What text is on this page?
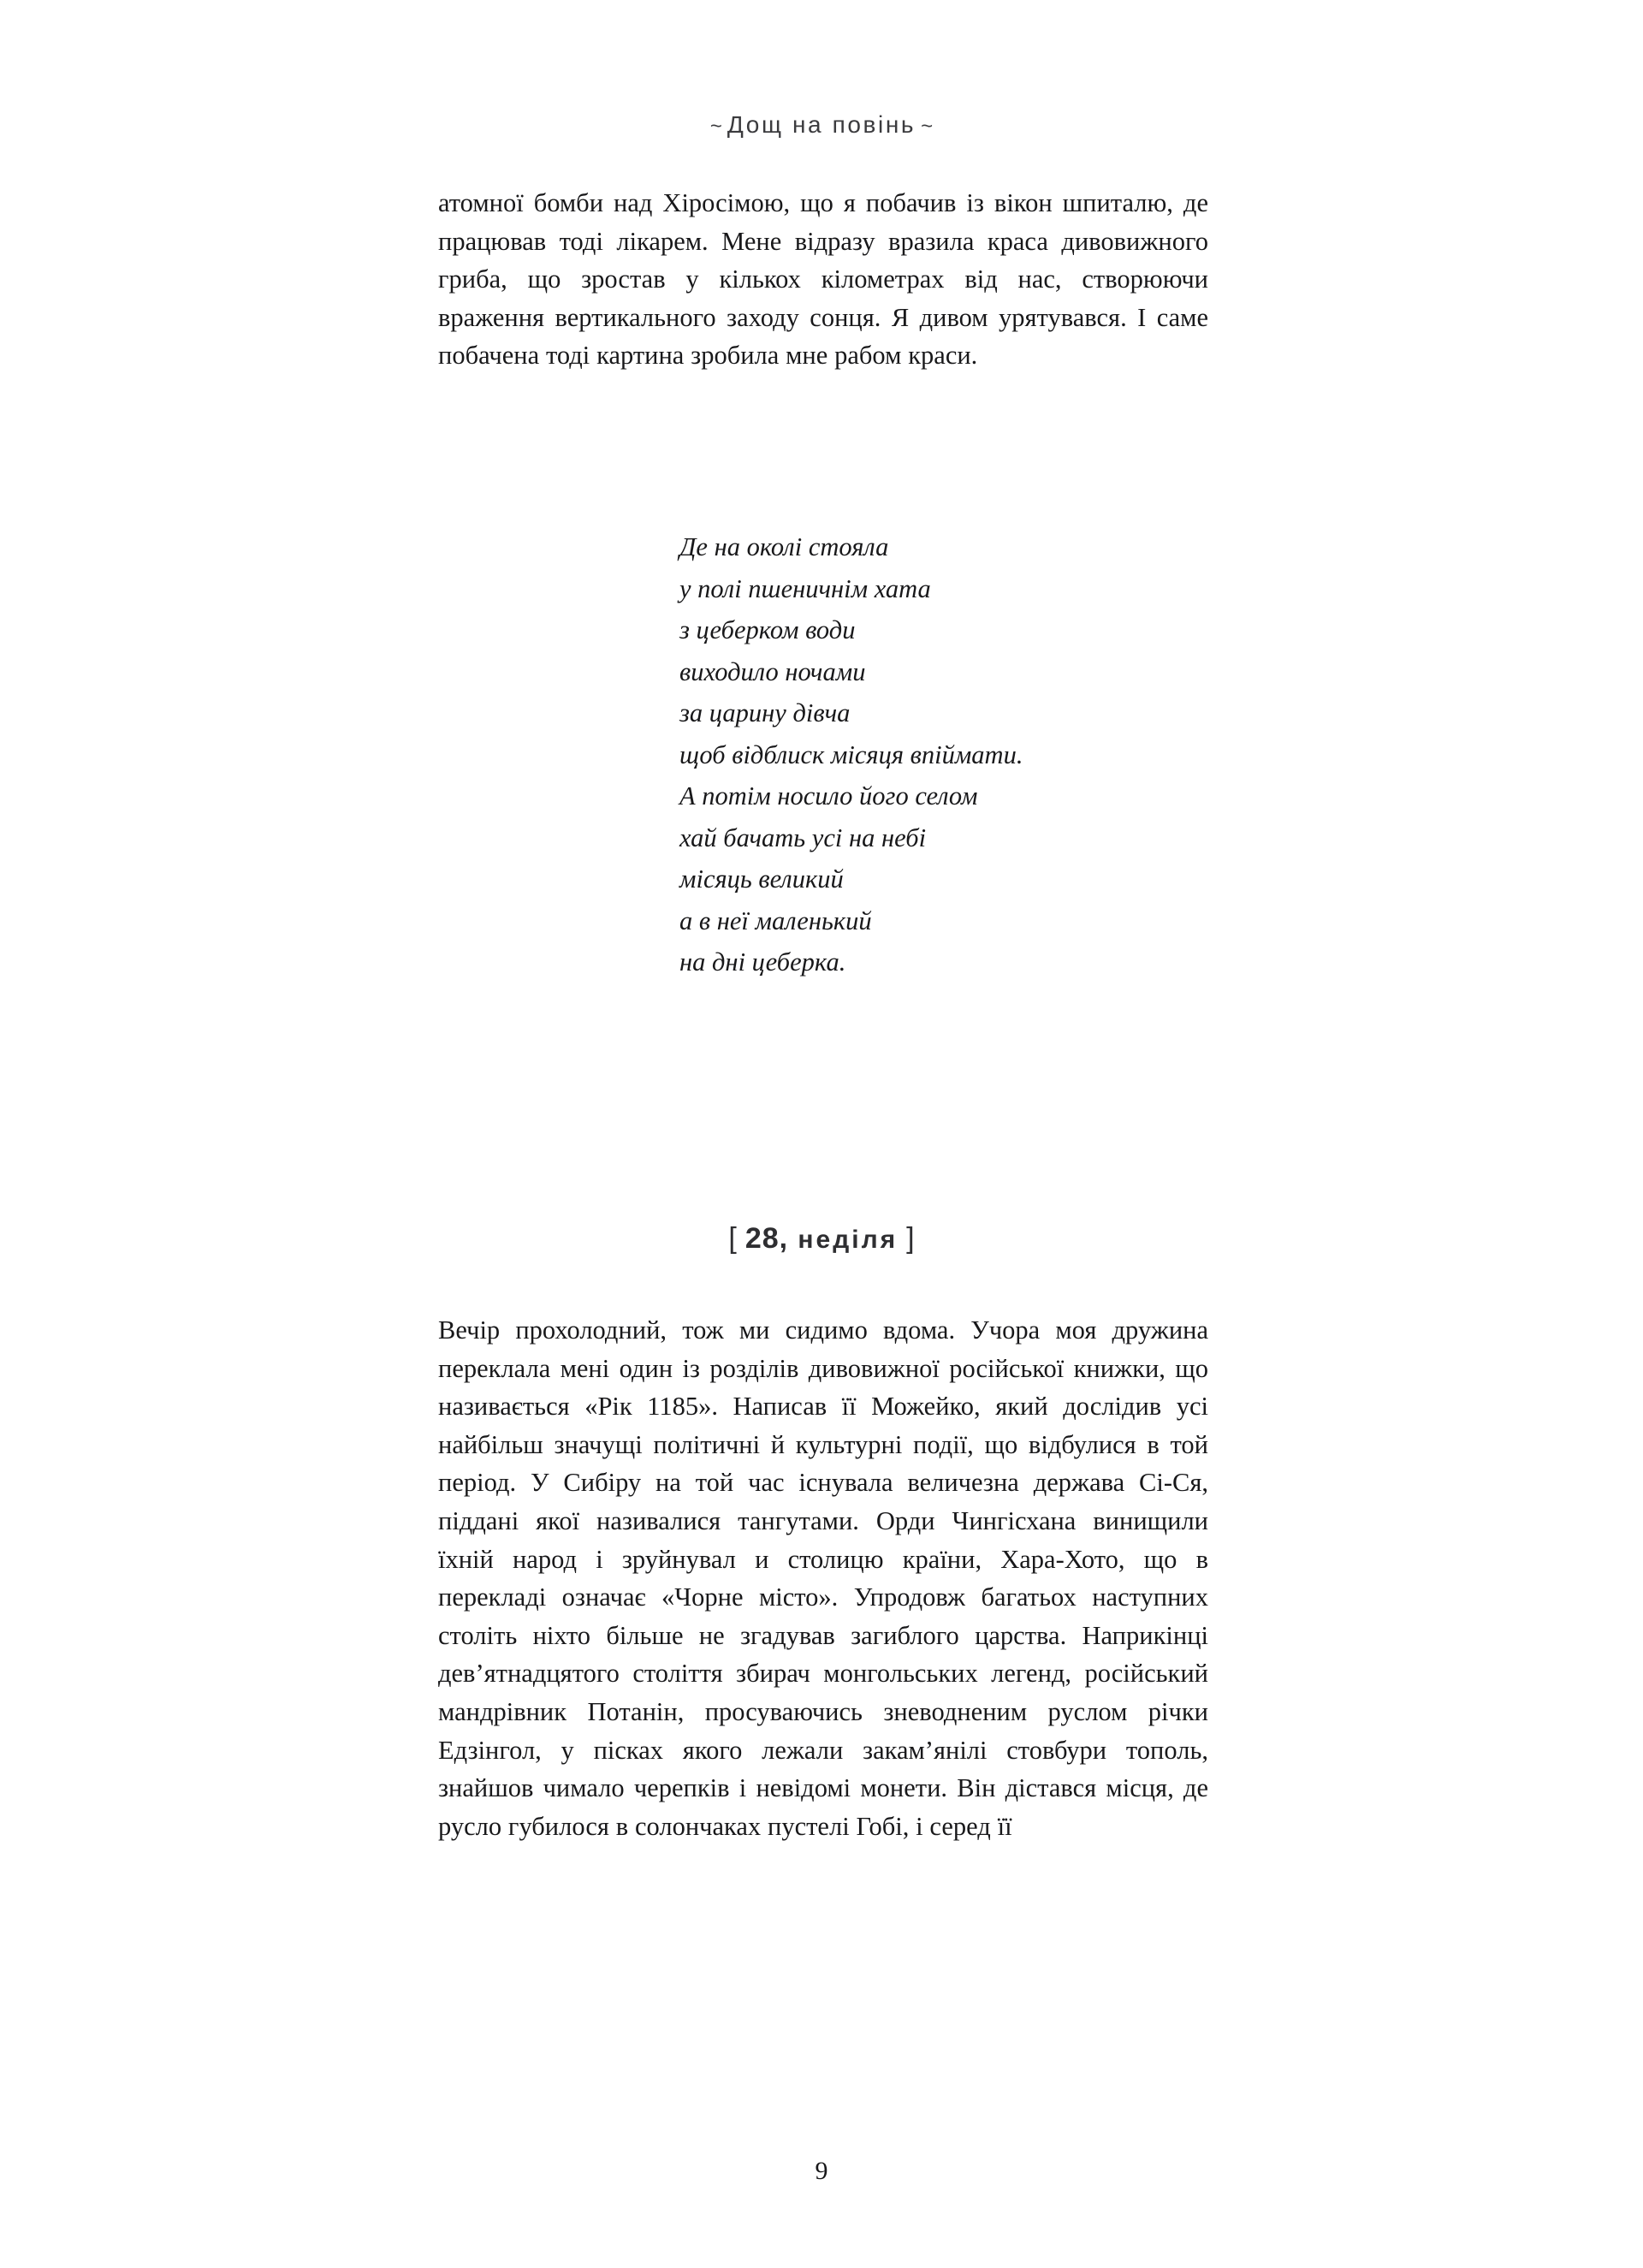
~ Дощ на повінь ~

атомної бомби над Хіросімою, що я побачив із вікон шпиталю, де працював тоді лікарем. Мене відразу вразила краса дивовижного гриба, що зростав у кількох кілометрах від нас, створюючи враження вертикального заходу сонця. Я дивом урятувався. І саме побачена тоді картина зробила мне рабом краси.

Де на околі стояла
у полі пшеничнім хата
з цеберком води
виходило ночами
за царину дівча
щоб відблиск місяця впіймати.
А потім носило його селом
хай бачать усі на небі
місяць великий
а в неї маленький
на дні цеберка.
[ 28, неділя ]

Вечір прохолодний, тож ми сидимо вдома. Учора моя дружина переклала мені один із розділів дивовижної російської книжки, що називається «Рік 1185». Написав її Можейко, який дослідив усі найбільш значущі політичні й культурні події, що відбулися в той період. У Сибіру на той час існувала величезна держава Сі-Ся, піддані якої називалися тангутами. Орди Чингісхана винищили їхній народ і зруйнувал и столицю країни, Хара-Хото, що в перекладі означає «Чорне місто». Упродовж багатьох наступних століть ніхто більше не згадував загиблого царства. Наприкінці дев’ятнадцятого століття збирач монгольських легенд, російський мандрівник Потанін, просуваючись зневодненим руслом річки Едзінгол, у пісках якого лежали закам’янілі стовбури тополь, знайшов чимало черепків і невідомі монети. Він дістався місця, де русло губилося в солончаках пустелі Гобі, і серед її

9
